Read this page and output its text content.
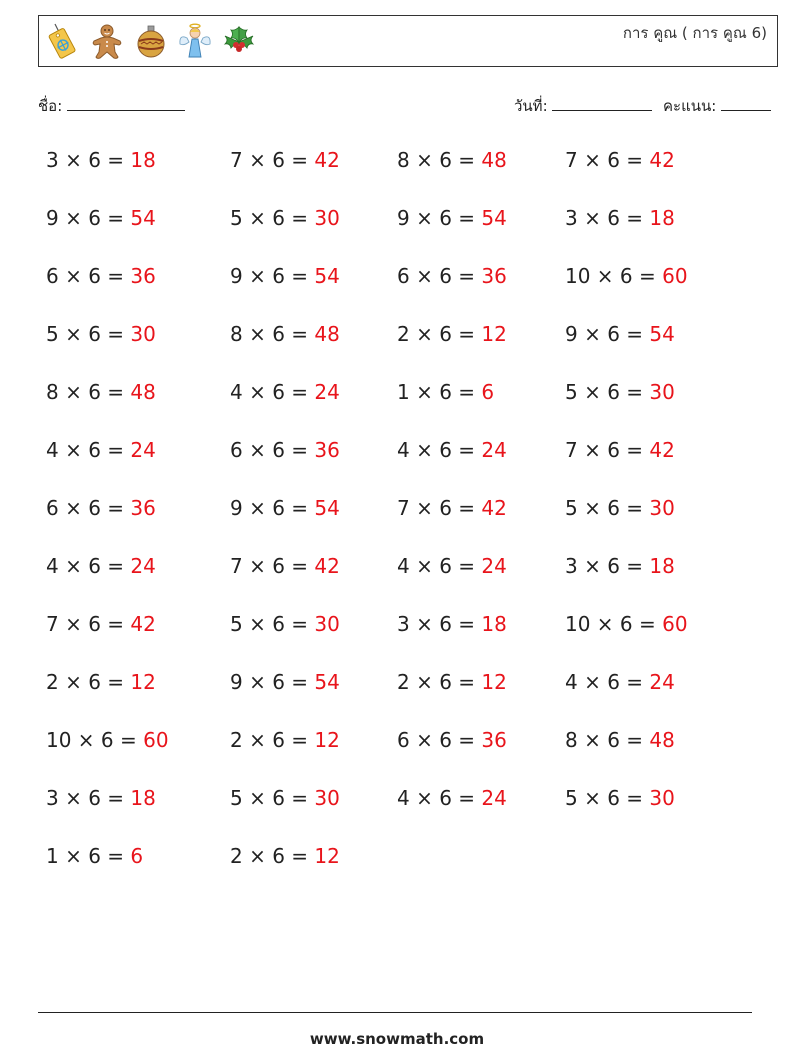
การ คูณ ( การ คูณ 6)
ชื่อ:	วันที่:	คะแนน:
3 × 6 = 18
9 × 6 = 54
6 × 6 = 36
5 × 6 = 30
8 × 6 = 48
4 × 6 = 24
6 × 6 = 36
4 × 6 = 24
7 × 6 = 42
2 × 6 = 12
10 × 6 = 60
3 × 6 = 18
1 × 6 = 6
7 × 6 = 42
5 × 6 = 30
9 × 6 = 54
8 × 6 = 48
4 × 6 = 24
6 × 6 = 36
9 × 6 = 54
7 × 6 = 42
5 × 6 = 30
9 × 6 = 54
2 × 6 = 12
5 × 6 = 30
2 × 6 = 12
8 × 6 = 48
9 × 6 = 54
6 × 6 = 36
2 × 6 = 12
1 × 6 = 6
4 × 6 = 24
7 × 6 = 42
4 × 6 = 24
3 × 6 = 18
2 × 6 = 12
6 × 6 = 36
4 × 6 = 24
7 × 6 = 42
3 × 6 = 18
10 × 6 = 60
9 × 6 = 54
5 × 6 = 30
7 × 6 = 42
5 × 6 = 30
3 × 6 = 18
10 × 6 = 60
4 × 6 = 24
8 × 6 = 48
5 × 6 = 30
www.snowmath.com
